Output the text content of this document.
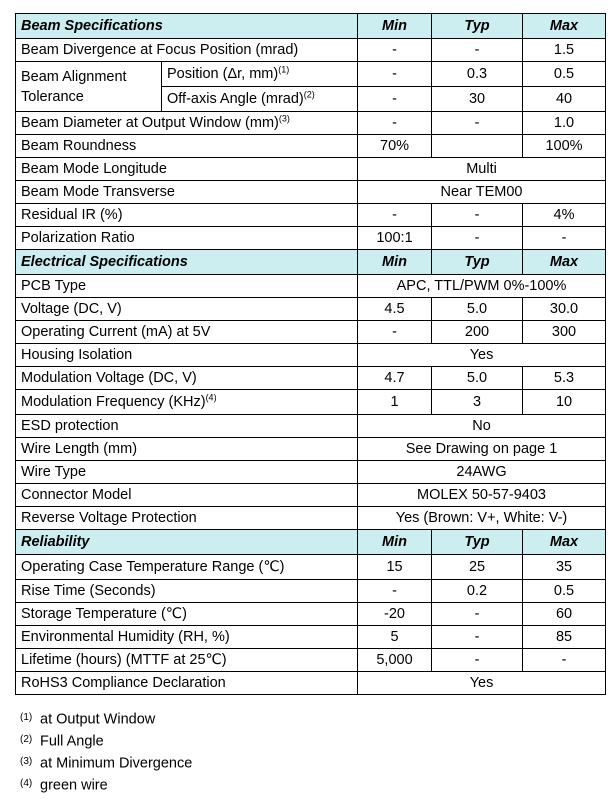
Beam Specifications		Min	Typ	Max
Beam Divergence at Focus Position (mrad)		-	-	1.5
Beam Alignment Tolerance	Position (Δr, mm)$^{(1)}$	-	0.3	0.5
	Off-axis Angle (mrad)$^{(2)}$	-	30	40
Beam Diameter at Output Window (mm)$^{(3)}$		-	-	1.0
Beam Roundness		70%		100%
Beam Mode Longitude		Multi		
Beam Mode Transverse		Near TEM00		
Residual IR (%)		-	-	4%
Polarization Ratio		100:1	-	-
Electrical Specifications		Min	Typ	Max
PCB Type		APC, TTL/PWM 0%-100%		
Voltage (DC, V)		4.5	5.0	30.0
Operating Current (mA) at 5V		-	200	300
Housing Isolation		Yes		
Modulation Voltage (DC, V)		4.7	5.0	5.3
Modulation Frequency (KHz)$^{(4)}$		1	3	10
ESD protection		No		
Wire Length (mm)		See Drawing on page 1		
Wire Type		24AWG		
Connector Model		MOLEX 50-57-9403		
Reverse Voltage Protection		Yes (Brown: V+, White: V-)		
Reliability		Min	Typ	Max
Operating Case Temperature Range (℃)		15	25	35
Rise Time (Seconds)		-	0.2	0.5
Storage Temperature (℃)		-20	-	60
Environmental Humidity (RH, %)		5	-	85
Lifetime (hours) (MTTF at 25℃)		5,000	-	-
RoHS3 Compliance Declaration		Yes		
(1) at Output Window
(2) Full Angle
(3) at Minimum Divergence
(4) green wire
